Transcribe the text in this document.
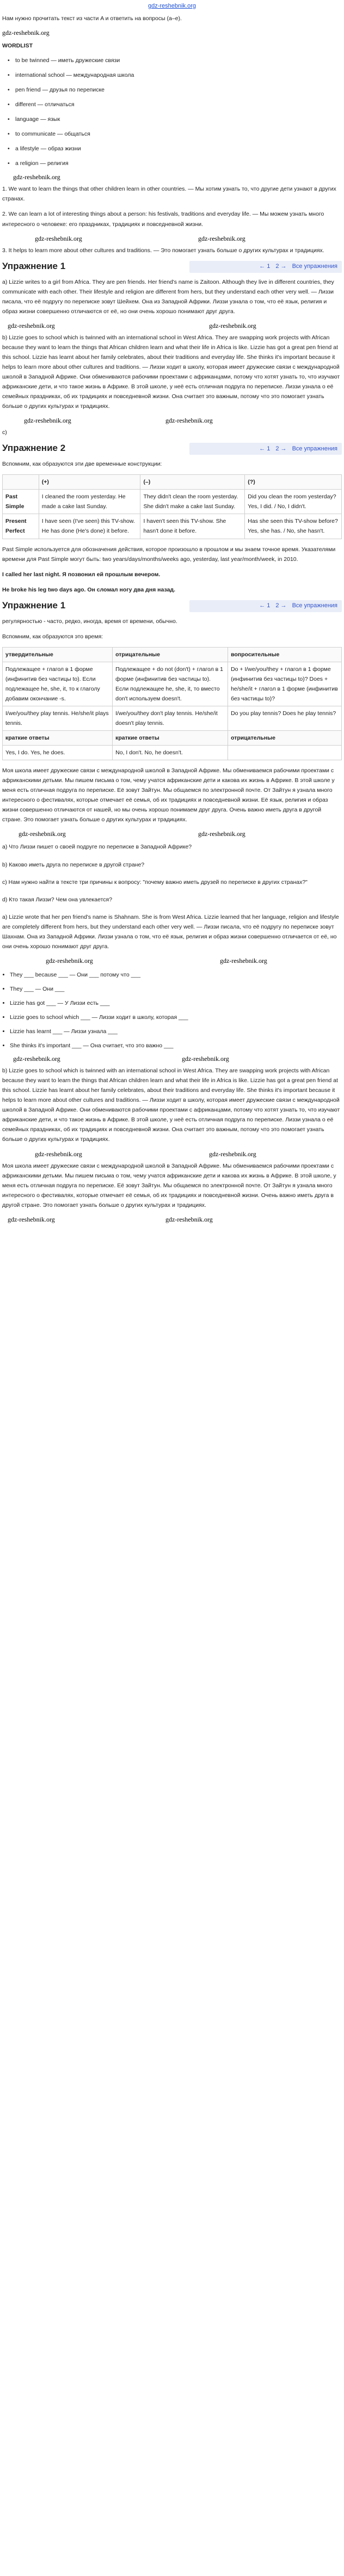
gdz-reshebnik.org
Нам нужно прочитать текст из части A и ответить на вопросы (a–e).
gdz-reshebnik.org
WORDLIST
• to be twinned — иметь дружеские связи
• international school — международная школа
• pen friend — друзья по переписке
• different — отличаться
• language — язык
• to communicate — общаться
• a lifestyle — образ жизни
• a religion — религия
gdz-reshebnik.org
1. We want to learn the things that other children learn in other countries. — Мы хотим узнать то, что другие дети узнают в других странах.
2. We can learn a lot of interesting things about a person: his festivals, traditions and everyday life. — Мы можем узнать много интересного о человеке: его праздниках, традициях и повседневной жизни.
gdz-reshebnik.org	gdz-reshebnik.org
3. It helps to learn more about other cultures and traditions. — Это помогает узнать больше о других культурах и традициях.
Упражнение 1	← 1 2 → Все упражнения
a) Lizzie writes to a girl from Africa. They are pen friends. Her friend's name is Zaitoon. Although they live in different countries, they communicate with each other. Their lifestyle and religion are different from hers, but they understand each other very well. — Лиззи писала, что её подругу по переписке зовут Шейхем. Она из Западной Африки. Лиззи узнала о том, что её язык, религия и образ жизни совершенно отличаются от её, но они очень хорошо понимают друг друга.
gdz-reshebnik.org	gdz-reshebnik.org
b) Lizzie goes to school which is twinned with an international school in West Africa. They are swapping work projects with African because they want to learn the things that African children learn and what their life in Africa is like. Lizzie has got a great pen friend at this school. Lizzie has learnt about her family celebrates, about their traditions and everyday life. She thinks it's important because it helps to learn more about other cultures and traditions. — Лиззи ходит в школу, которая имеет дружеские связи с международной школой в Западной Африке. Они обмениваются рабочими проектами с африканцами, потому что хотят узнать то, что изучают африканские дети, и что такое жизнь в Африке. В этой школе, у неё есть отличная подруга по переписке. Лиззи узнала о её семейных праздниках, об их традициях и повседневной жизни. Она считает это важным, потому что это помогает узнать больше о других культурах и традициях.
gdz-reshebnik.org	gdz-reshebnik.org
c)
Упражнение 2	← 1 2 → Все упражнения
Вспомним, как образуются эти две временные конструкции:
	(+)	(–)	(?)
Past Simple	I cleaned the room yesterday. He made a cake last Sunday.	They didn't clean the room yesterday. She didn't make a cake last Sunday.	Did you clean the room yesterday? Yes, I did. / No, I didn't.
Present Perfect	I have seen (I've seen) this TV-show. He has done (He's done) it before.	I haven't seen this TV-show. She hasn't done it before.	Has she seen this TV-show before? Yes, she has. / No, she hasn't.
Past Simple используется для обозначения действия, которое произошло в прошлом и мы знаем точное время. Указателями времени для Past Simple могут быть: two years/days/months/weeks ago, yesterday, last year/month/week, in 2010.
I called her last night. Я позвонил ей прошлым вечером.
He broke his leg two days ago. Он сломал ногу два дня назад.
Упражнение 1	← 1 2 → Все упражнения
регулярностью - часто, редко, иногда, время от времени, обычно.
Вспомним, как образуются это время:
утвердительные	отрицательные	вопросительные
Подлежащее + глагол в 1 форме (инфинитив без частицы to). Если подлежащее he, she, it, то к глаголу добавим окончание -s.	Подлежащее + do not (don't) + глагол в 1 форме (инфинитив без частицы to). Если подлежащее he, she, it, то вместо don't используем doesn't.	Do + I/we/you/they + глагол в 1 форме (инфинитив без частицы to)? Does + he/she/it + глагол в 1 форме (инфинитив без частицы to)?
I/we/you/they play tennis. He/she/it plays tennis.	I/we/you/they don't play tennis. He/she/it doesn't play tennis.	Do you play tennis? Does he play tennis?
краткие ответы	краткие ответы	отрицательные
Yes, I do. Yes, he does.	No, I don't. No, he doesn't.	
Моя школа имеет дружеские связи с международной школой в Западной Африке. Мы обмениваемся рабочими проектами с африканскими детьми. Мы пишем письма о том, чему учатся африканские дети и какова их жизнь в Африке. В этой школе у меня есть отличная подруга по переписке. Её зовут Зайтун. Мы общаемся по электронной почте. От Зайтун я узнала много интересного о фестивалях, которые отмечает её семья, об их традициях и повседневной жизни. Её язык, религия и образ жизни совершенно отличаются от нашей, но мы очень хорошо понимаем друг друга. Очень важно иметь друга в другой стране. Это помогает узнать больше о других культурах и традициях.
gdz-reshebnik.org	gdz-reshebnik.org
a) Что Лиззи пишет о своей подруге по переписке в Западной Африке?
b) Каково иметь друга по переписке в другой стране?
c) Нам нужно найти в тексте три причины к вопросу: "почему важно иметь друзей по переписке в других странах?"
d) Кто такая Лиззи? Чем она увлекается?
a) Lizzie wrote that her pen friend's name is Shahnam. She is from West Africa. Lizzie learned that her language, religion and lifestyle are completely different from hers, but they understand each other very well. — Лиззи писала, что её подругу по переписке зовут Шахнам. Она из Западной Африки. Лиззи узнала о том, что её язык, религия и образ жизни совершенно отличается от её, но они очень хорошо понимают друг друга.
gdz-reshebnik.org	gdz-reshebnik.org
• They ___ because ___ — Они ___ потому что ___
• They ___ — Они ___
• Lizzie has got ___ — У Лиззи есть ___
• Lizzie goes to school which ___ — Лиззи ходит в школу, которая ___
• Lizzie has learnt ___ — Лиззи узнала ___
• She thinks it's important ___ — Она считает, что это важно ___
gdz-reshebnik.org	gdz-reshebnik.org
b) Lizzie goes to school which is twinned with an international school in West Africa. They are swapping work projects with African because they want to learn the things that African children learn and what their life in Africa is like. Lizzie has got a great pen friend at this school. Lizzie has learnt about her family celebrates, about their traditions and everyday life. She thinks it's important because it helps to learn more about other cultures and traditions. — Лиззи ходит в школу, которая имеет дружеские связи с международной школой в Западной Африке. Они обмениваются рабочими проектами с африканцами, потому что хотят узнать то, что изучают африканские дети, и что такое жизнь в Африке. В этой школе, у неё есть отличная подруга по переписке. Лиззи узнала о её семейных праздниках, об их традициях и повседневной жизни. Она считает это важным, потому что это помогает узнать больше о других культурах и традициях.
gdz-reshebnik.org	gdz-reshebnik.org
Моя школа имеет дружеские связи с международной школой в Западной Африке. Мы обмениваемся рабочими проектами с африканскими детьми. Мы пишем письма о том, чему учатся африканские дети и какова их жизнь в Африке. В этой школе, у меня есть отличная подруга по переписке. Её зовут Зайтун. Мы общаемся по электронной почте. От Зайтун я узнала много интересного о фестивалях, которые отмечает её семья, об их традициях и повседневной жизни. Очень важно иметь друга в другой стране. Это помогает узнать больше о других культурах и традициях.
gdz-reshebnik.org	gdz-reshebnik.org
